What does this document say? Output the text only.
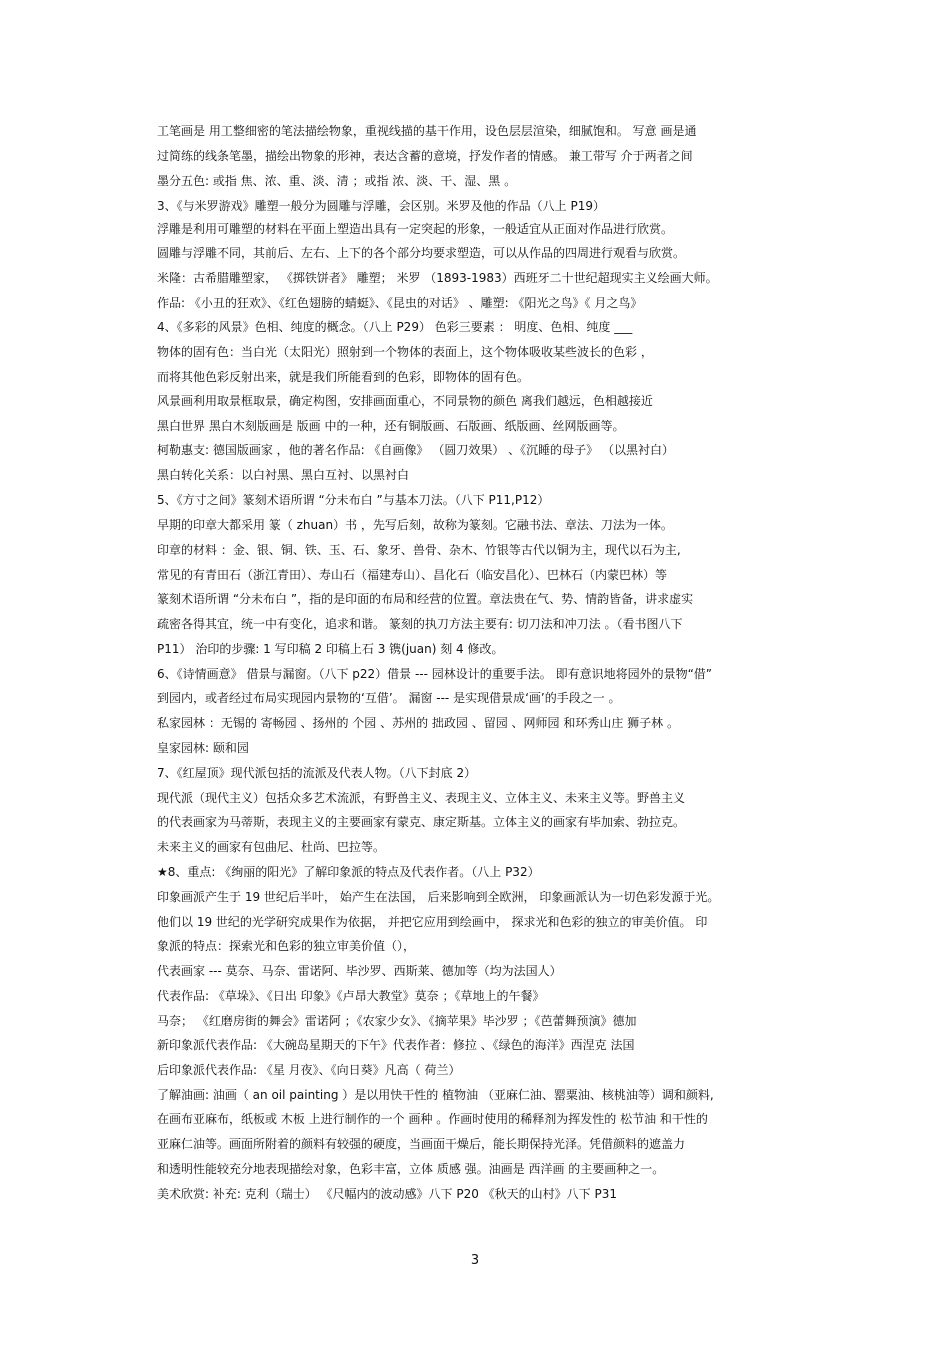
工笔画是 用工整细密的笔法描绘物象，重视线描的基干作用，设色层层渲染，细腻饱和。 写意 画是通
过简练的线条笔墨，描绘出物象的形神，表达含蓄的意境，抒发作者的情感。 兼工带写 介于两者之间
墨分五色: 或指 焦、浓、重、淡、清 ；或指 浓、淡、干、湿、黑 。
3、《与米罗游戏》雕塑一般分为圆雕与浮雕，会区别。米罗及他的作品（八上 P19）
浮雕是利用可雕塑的材料在平面上塑造出具有一定突起的形象，一般适宜从正面对作品进行欣赏。
圆雕与浮雕不同，其前后、左右、上下的各个部分均要求塑造，可以从作品的四周进行观看与欣赏。
米隆：古希腊雕塑家， 《掷铁饼者》 雕塑； 米罗 （1893-1983）西班牙二十世纪超现实主义绘画大师。
作品: 《小丑的狂欢》、《红色翅膀的蜻蜓》、《昆虫的对话》 、雕塑: 《阳光之鸟》《 月之鸟》
4、《多彩的风景》色相、纯度的概念。（八上 P29） 色彩三要素 ： 明度、色相、纯度 ___
物体的固有色：当白光（太阳光）照射到一个物体的表面上，这个物体吸收某些波长的色彩 ，
而将其他色彩反射出来，就是我们所能看到的色彩，即物体的固有色。
风景画利用取景框取景，确定构图，安排画面重心，不同景物的颜色 离我们越远，色相越接近
黑白世界 黑白木刻版画是 版画 中的一种，还有铜版画、石版画、纸版画、丝网版画等。
柯勒惠支: 德国版画家 ，他的著名作品: 《自画像》 （圆刀效果） 、《沉睡的母子》 （以黑衬白）
黑白转化关系：以白衬黑、黑白互衬、以黑衬白
5、《方寸之间》篆刻术语所谓 “分未布白 ”与基本刀法。（八下 P11,P12）
早期的印章大都采用 篆（ zhuan）书 ，先写后刻，故称为篆刻。它融书法、章法、刀法为一体。
印章的材料 ：金、银、铜、铁、玉、石、象牙、兽骨、杂木、竹银等古代以铜为主，现代以石为主,
常见的有青田石（浙江青田）、寿山石（福建寿山）、昌化石（临安昌化）、巴林石（内蒙巴林）等
篆刻术语所谓 “分未布白 ”，指的是印面的布局和经营的位置。章法贵在气、势、情韵皆备，讲求虚实
疏密各得其宜，统一中有变化，追求和谐。 篆刻的执刀方法主要有: 切刀法和冲刀法 。（看书图八下
P11） 治印的步骤: 1 写印稿 2 印稿上石 3 镌(juan) 刻 4 修改。
6、《诗情画意》 借景与漏窗。（八下 p22）借景 --- 园林设计的重要手法。 即有意识地将园外的景物“借”
到园内，或者经过布局实现园内景物的‘互借’。 漏窗 --- 是实现借景成‘画’的手段之一 。
私家园林 ：无锡的 寄畅园 、扬州的 个园 、苏州的 拙政园 、留园 、网师园 和环秀山庄 狮子林 。
皇家园林: 颐和园
7、《红屋顶》现代派包括的流派及代表人物。（八下封底 2）
现代派（现代主义）包括众多艺术流派，有野兽主义、表现主义、立体主义、未来主义等。野兽主义
的代表画家为马蒂斯，表现主义的主要画家有蒙克、康定斯基。立体主义的画家有毕加索、勃拉克。
未来主义的画家有包曲尼、杜尚、巴拉等。
★8、重点: 《绚丽的阳光》了解印象派的特点及代表作者。（八上 P32）
印象画派产生于 19 世纪后半叶， 始产生在法国， 后来影响到全欧洲， 印象画派认为一切色彩发源于光。
他们以 19 世纪的光学研究成果作为依据， 并把它应用到绘画中， 探求光和色彩的独立的审美价值。 印
象派的特点：探索光和色彩的独立审美价值（），
代表画家 --- 莫奈、马奈、雷诺阿、毕沙罗、西斯莱、德加等（均为法国人）
代表作品: 《草垛》、《日出 印象》《卢昂大教堂》莫奈 ；《草地上的午餐》
马奈； 《红磨房街的舞会》雷诺阿 ；《农家少女》、《摘苹果》毕沙罗 ；《芭蕾舞预演》德加
新印象派代表作品: 《大碗岛星期天的下午》代表作者：修拉 、《绿色的海洋》西涅克 法国
后印象派代表作品: 《星 月夜》、《向日葵》凡高（ 荷兰）
了解油画: 油画（ an oil painting ）是以用快干性的 植物油 （亚麻仁油、罂粟油、核桃油等）调和颜料,
在画布亚麻布，纸板或 木板 上进行制作的一个 画种 。作画时使用的稀释剂为挥发性的 松节油 和干性的
亚麻仁油等。画面所附着的颜料有较强的硬度，当画面干燥后，能长期保持光泽。凭借颜料的遮盖力
和透明性能较充分地表现描绘对象，色彩丰富，立体 质感 强。油画是 西洋画 的主要画种之一。
美术欣赏: 补充: 克利（瑞士） 《尺幅内的波动感》八下 P20 《秋天的山村》八下 P31
3
